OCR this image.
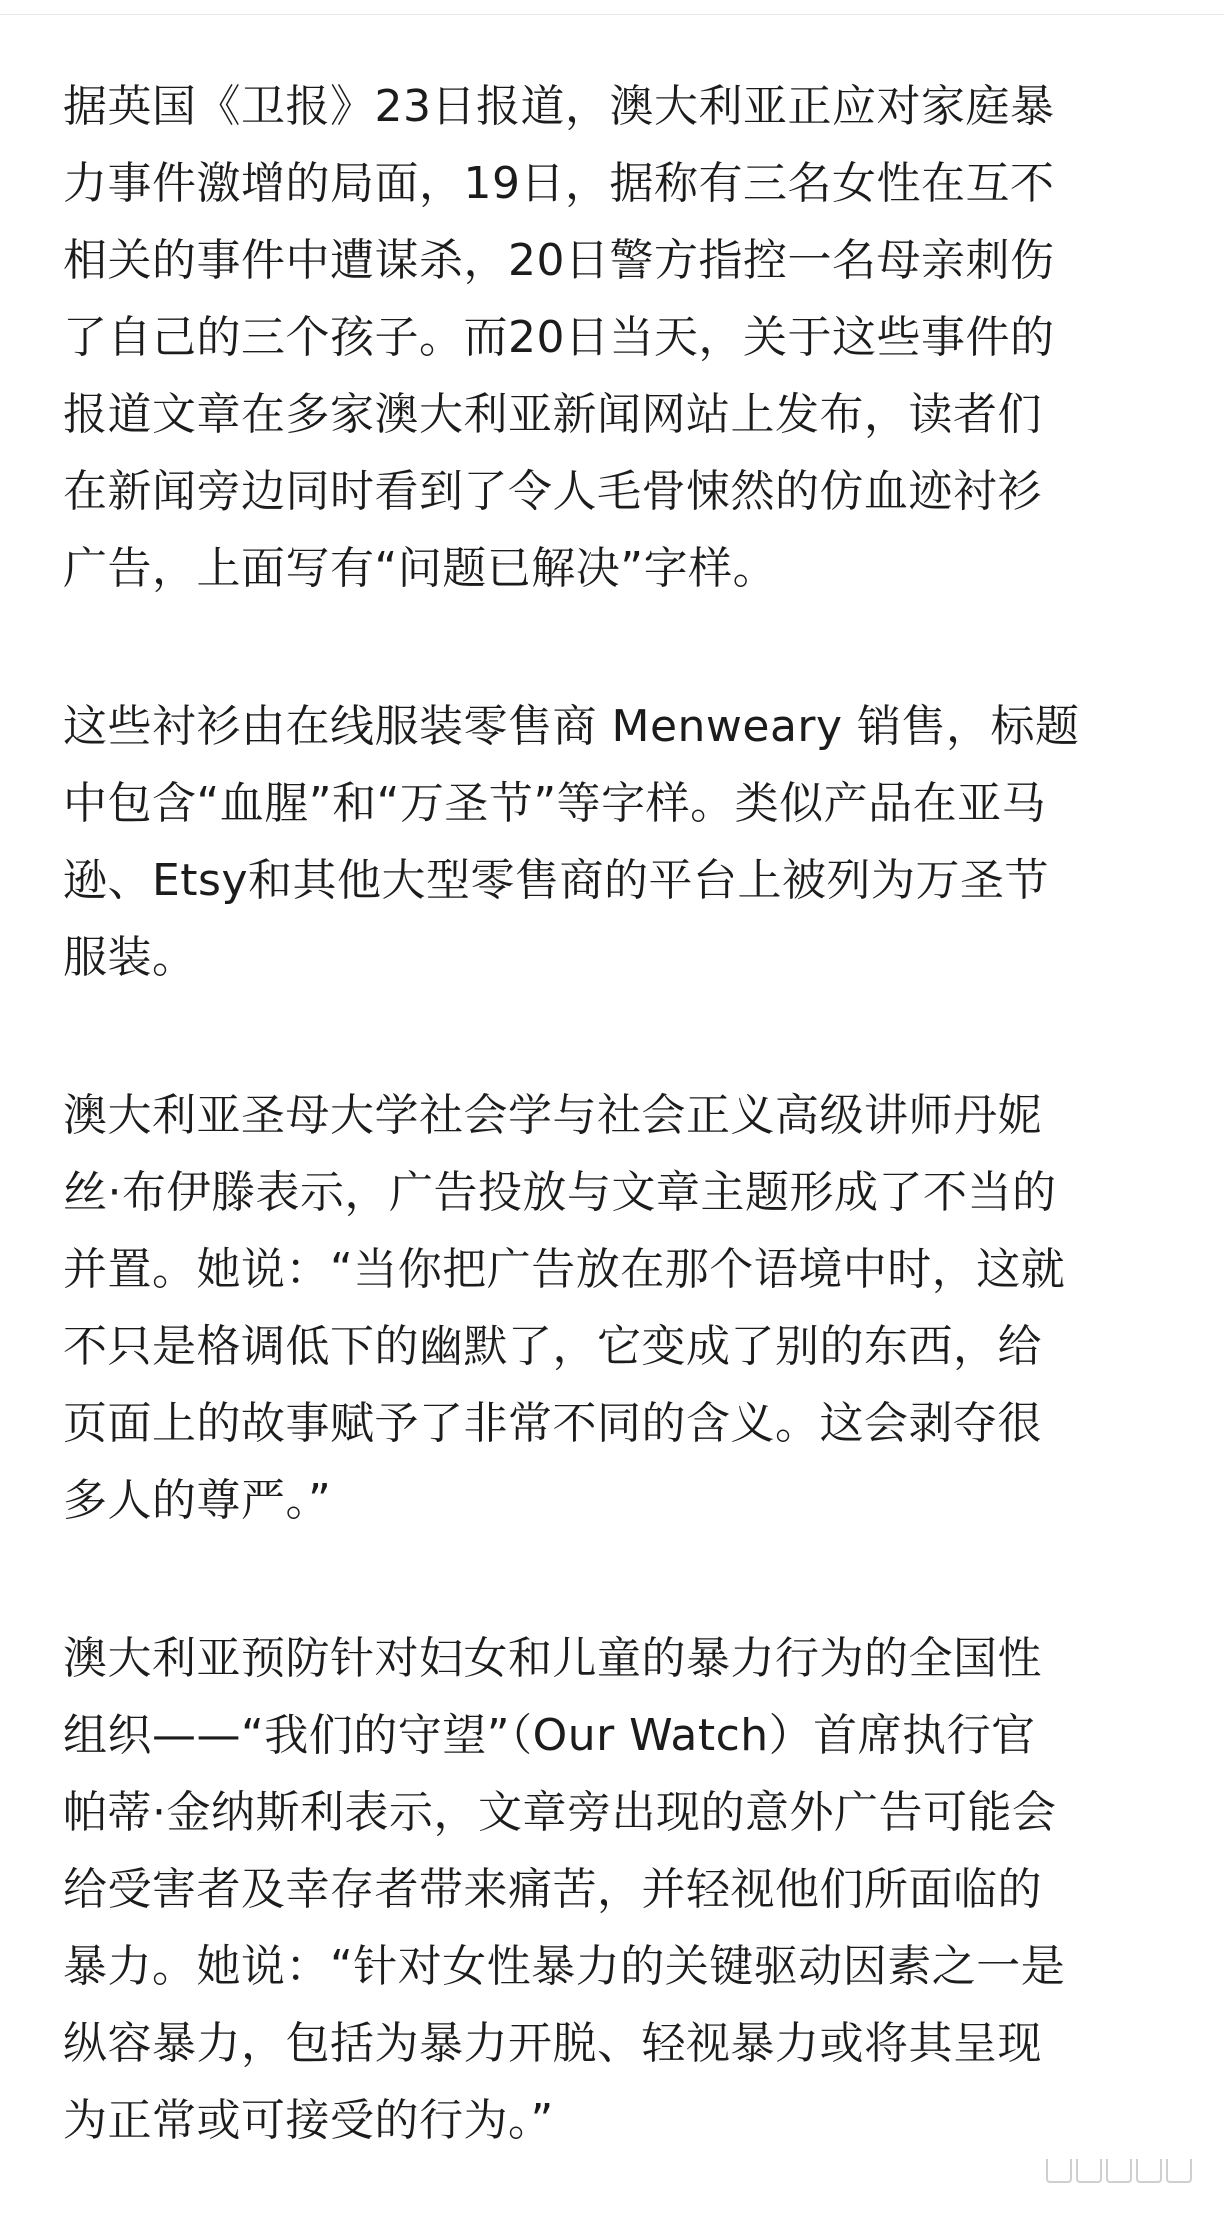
据英国《卫报》23日报道，澳大利亚正应对家庭暴
力事件激增的局面，19日，据称有三名女性在互不
相关的事件中遭谋杀，20日警方指控一名母亲刺伤
了自己的三个孩子。而20日当天，关于这些事件的
报道文章在多家澳大利亚新闻网站上发布，读者们
在新闻旁边同时看到了令人毛骨悚然的仿血迹衬衫
广告，上面写有“问题已解决”字样。

这些衬衫由在线服装零售商 Menweary 销售，标题
中包含“血腥”和“万圣节”等字样。类似产品在亚马
逊、Etsy和其他大型零售商的平台上被列为万圣节
服装。

澳大利亚圣母大学社会学与社会正义高级讲师丹妮
丝·布伊滕表示，广告投放与文章主题形成了不当的
并置。她说：“当你把广告放在那个语境中时，这就
不只是格调低下的幽默了，它变成了别的东西，给
页面上的故事赋予了非常不同的含义。这会剥夺很
多人的尊严。”

澳大利亚预防针对妇女和儿童的暴力行为的全国性
组织——“我们的守望”（Our Watch）首席执行官
帕蒂·金纳斯利表示，文章旁出现的意外广告可能会
给受害者及幸存者带来痛苦，并轻视他们所面临的
暴力。她说：“针对女性暴力的关键驱动因素之一是
纵容暴力，包括为暴力开脱、轻视暴力或将其呈现
为正常或可接受的行为。”
